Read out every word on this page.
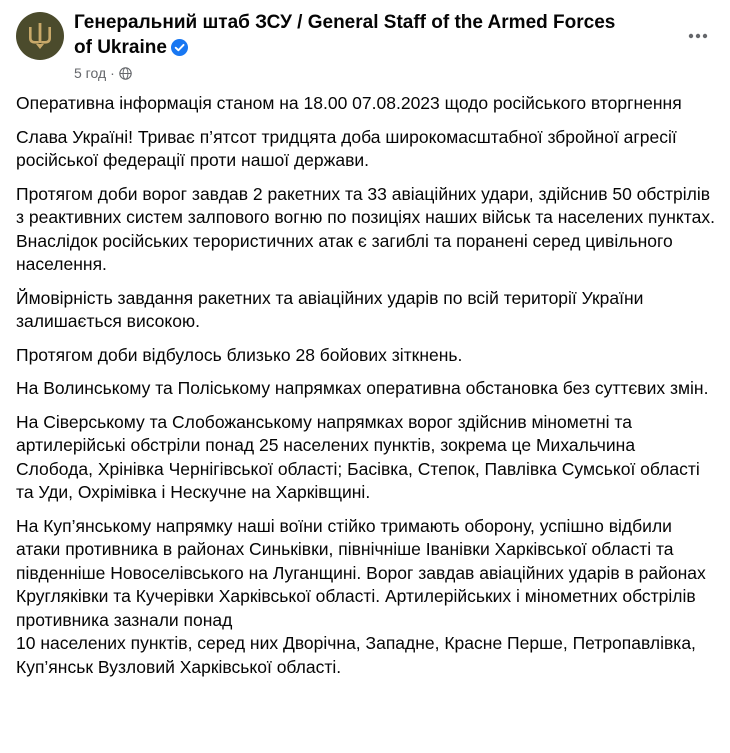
Генеральний штаб ЗСУ / General Staff of the Armed Forces of Ukraine
5 год ·

Оперативна інформація станом на 18.00 07.08.2023 щодо російського вторгнення

Слава Україні! Триває п’ятсот тридцята доба широкомасштабної збройної агресії російської федерації проти нашої держави.

Протягом доби ворог завдав 2 ракетних та 33 авіаційних удари, здійснив 50 обстрілів з реактивних систем залпового вогню по позиціях наших військ та населених пунктах. Внаслідок російських терористичних атак є загиблі та поранені серед цивільного населення.

Ймовірність завдання ракетних та авіаційних ударів по всій території України залишається високою.

Протягом доби відбулось близько 28 бойових зіткнень.

На Волинському та Поліському напрямках оперативна обстановка без суттєвих змін.

На Сіверському та Слобожанському напрямках ворог здійснив мінометні та артилерійські обстріли понад 25 населених пунктів, зокрема це Михальчина Слобода, Хрінівка Чернігівської області; Басівка, Степок, Павлівка Сумської області та Уди, Охрімівка і Нескучне на Харківщині.

На Куп’янському напрямку наші воїни стійко тримають оборону, успішно відбили атаки противника в районах Синьківки, північніше Іванівки Харківської області та південніше Новоселівського на Луганщині. Ворог завдав авіаційних ударів в районах Кругляківки та Кучерівки Харківської області. Артилерійських і мінометних обстрілів противника зазнали понад

10 населених пунктів, серед них Дворічна, Западне, Красне Перше, Петропавлівка, Куп’янськ Вузловий Харківської області.
